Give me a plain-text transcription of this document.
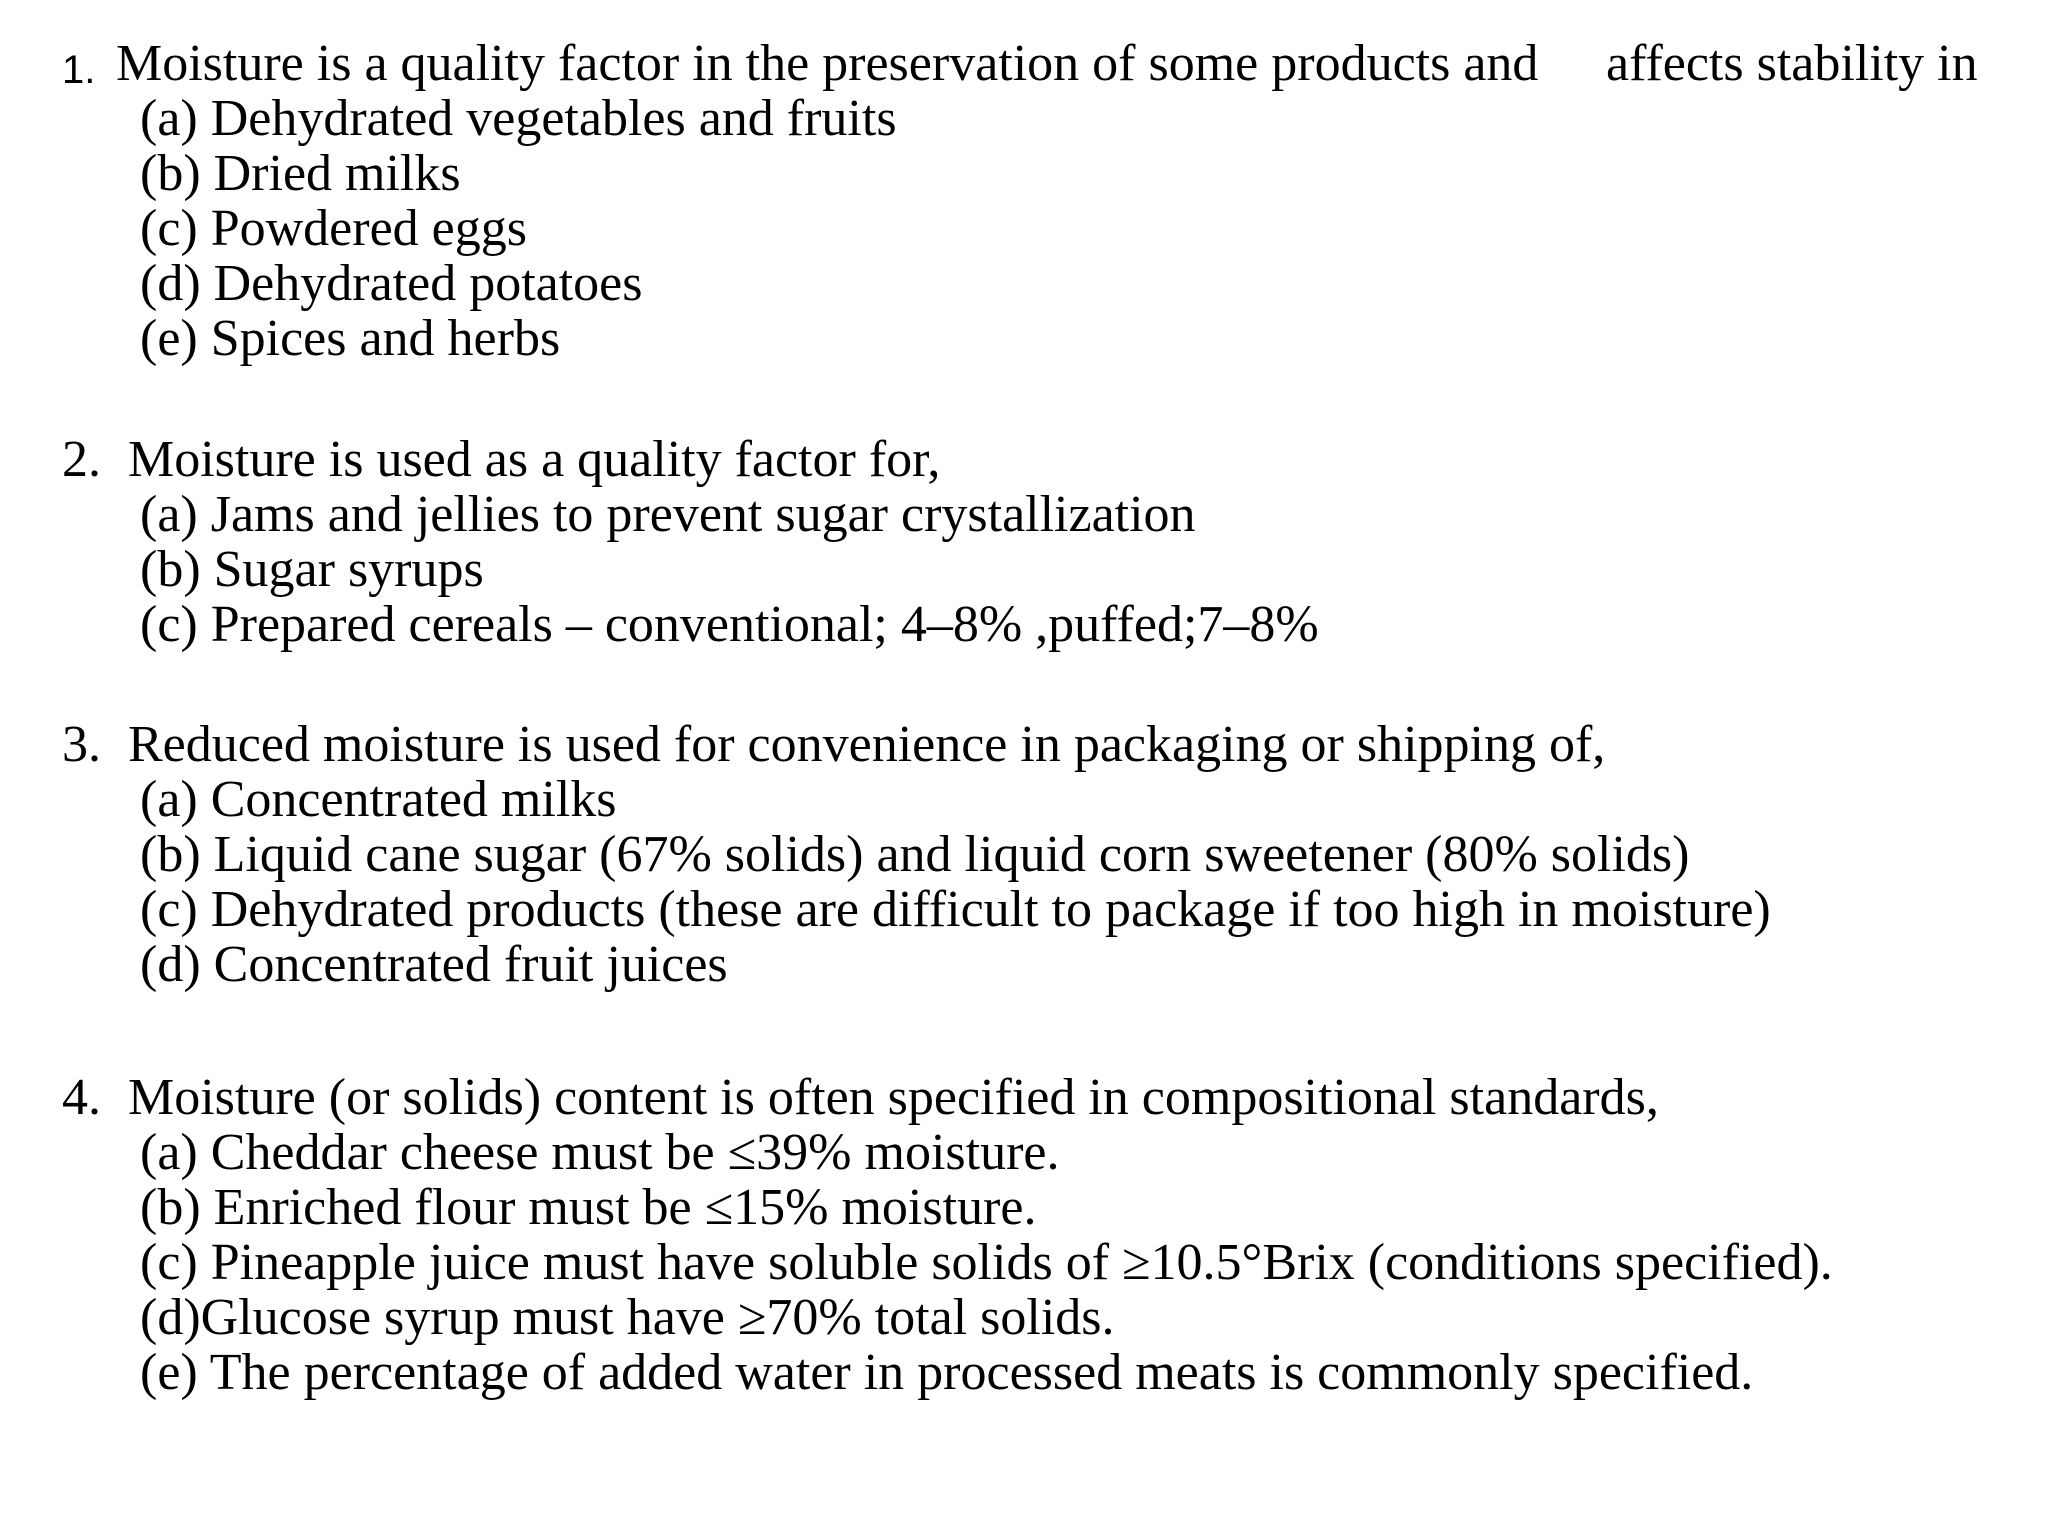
1. Moisture is a quality factor in the preservation of some products and affects stability in
(a) Dehydrated vegetables and fruits
(b) Dried milks
(c) Powdered eggs
(d) Dehydrated potatoes
(e) Spices and herbs
2. Moisture is used as a quality factor for,
(a) Jams and jellies to prevent sugar crystallization
(b) Sugar syrups
(c) Prepared cereals – conventional; 4–8% ,puffed;7–8%
3. Reduced moisture is used for convenience in packaging or shipping of,
(a) Concentrated milks
(b) Liquid cane sugar (67% solids) and liquid corn sweetener (80% solids)
(c) Dehydrated products (these are difficult to package if too high in moisture)
(d) Concentrated fruit juices
4. Moisture (or solids) content is often specified in compositional standards,
(a) Cheddar cheese must be ≤39% moisture.
(b) Enriched flour must be ≤15% moisture.
(c) Pineapple juice must have soluble solids of ≥10.5°Brix (conditions specified).
(d)Glucose syrup must have ≥70% total solids.
(e) The percentage of added water in processed meats is commonly specified.
